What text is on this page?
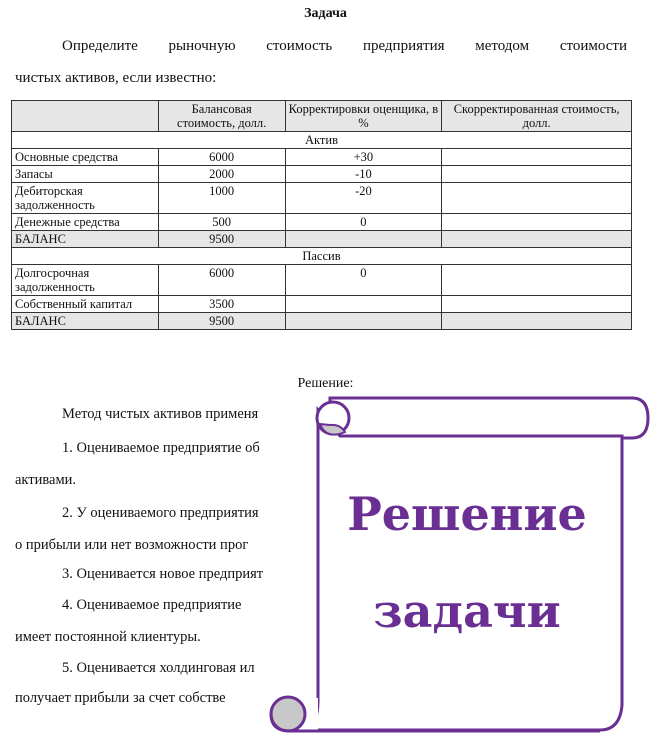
Задача
Определите рыночную стоимость предприятия методом стоимости
чистых активов, если известно:
	Балансовая стоимость, долл.	Корректировки оценщика, в %	Скорректированная стоимость, долл.
Актив			
Основные средства	6000	+30	
Запасы	2000	-10	
Дебиторская задолженность	1000	-20	
Денежные средства	500	0	
БАЛАНС	9500		
Пассив			
Долгосрочная задолженность	6000	0	
Собственный капитал	3500		
БАЛАНС	9500		
Решение:
Метод чистых активов применя
1. Оцениваемое предприятие об
активами.
2. У оцениваемого предприятия
о прибыли или нет возможности прог
3. Оценивается новое предприят
4. Оцениваемое предприятие
имеет постоянной клиентуры.
5. Оценивается холдинговая ил
получает прибыли за счет собстве
Решение
задачи
